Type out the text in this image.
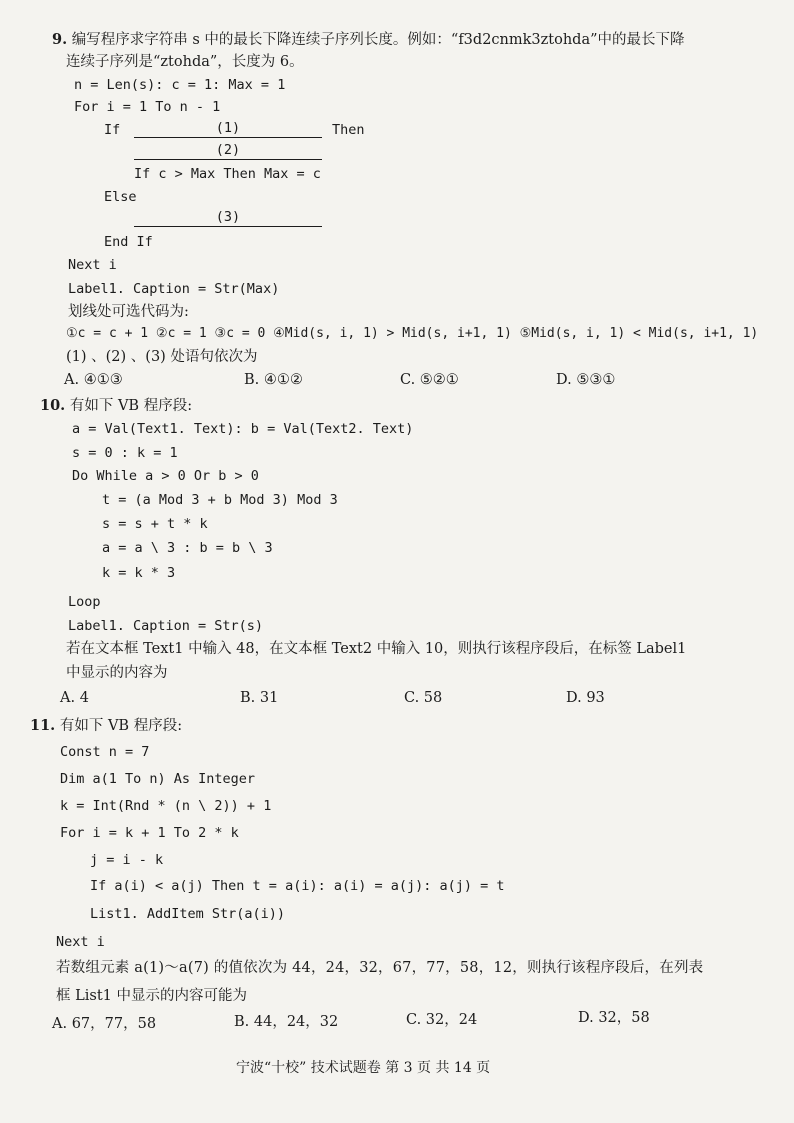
9. 编写程序求字符串 s 中的最长下降连续子序列长度。例如：“f3d2cnmk3ztohda”中的最长下降
连续子序列是“ztohda”，长度为 6。
n = Len(s): c = 1: Max = 1
For i = 1 To n - 1
If	(1)	Then
(2)
If c > Max Then Max = c
Else
(3)
End If
Next i
Label1. Caption = Str(Max)
划线处可选代码为:
①c = c + 1 ②c = 1 ③c = 0 ④Mid(s, i, 1) > Mid(s, i+1, 1) ⑤Mid(s, i, 1) < Mid(s, i+1, 1)
(1) 、(2) 、(3) 处语句依次为
A. ④①③	B. ④①②	C. ⑤②①	D. ⑤③①
10. 有如下 VB 程序段:
a = Val(Text1. Text): b = Val(Text2. Text)
s = 0 : k = 1
Do While a > 0 Or b > 0
t = (a Mod 3 + b Mod 3) Mod 3
s = s + t * k
a = a \ 3 : b = b \ 3
k = k * 3
Loop
Label1. Caption = Str(s)
若在文本框 Text1 中输入 48，在文本框 Text2 中输入 10，则执行该程序段后，在标签 Label1
中显示的内容为
A. 4	B. 31	C. 58	D. 93
11. 有如下 VB 程序段:
Const n = 7
Dim a(1 To n) As Integer
k = Int(Rnd * (n \ 2)) + 1
For i = k + 1 To 2 * k
j = i - k
If a(i) < a(j) Then t = a(i): a(i) = a(j): a(j) = t
List1. AddItem Str(a(i))
Next i
若数组元素 a(1)～a(7) 的值依次为 44，24，32，67，77，58，12，则执行该程序段后，在列表
框 List1 中显示的内容可能为
A. 67，77，58	B. 44，24，32	C. 32，24	D. 32，58
宁波“十校” 技术试题卷 第 3 页 共 14 页
